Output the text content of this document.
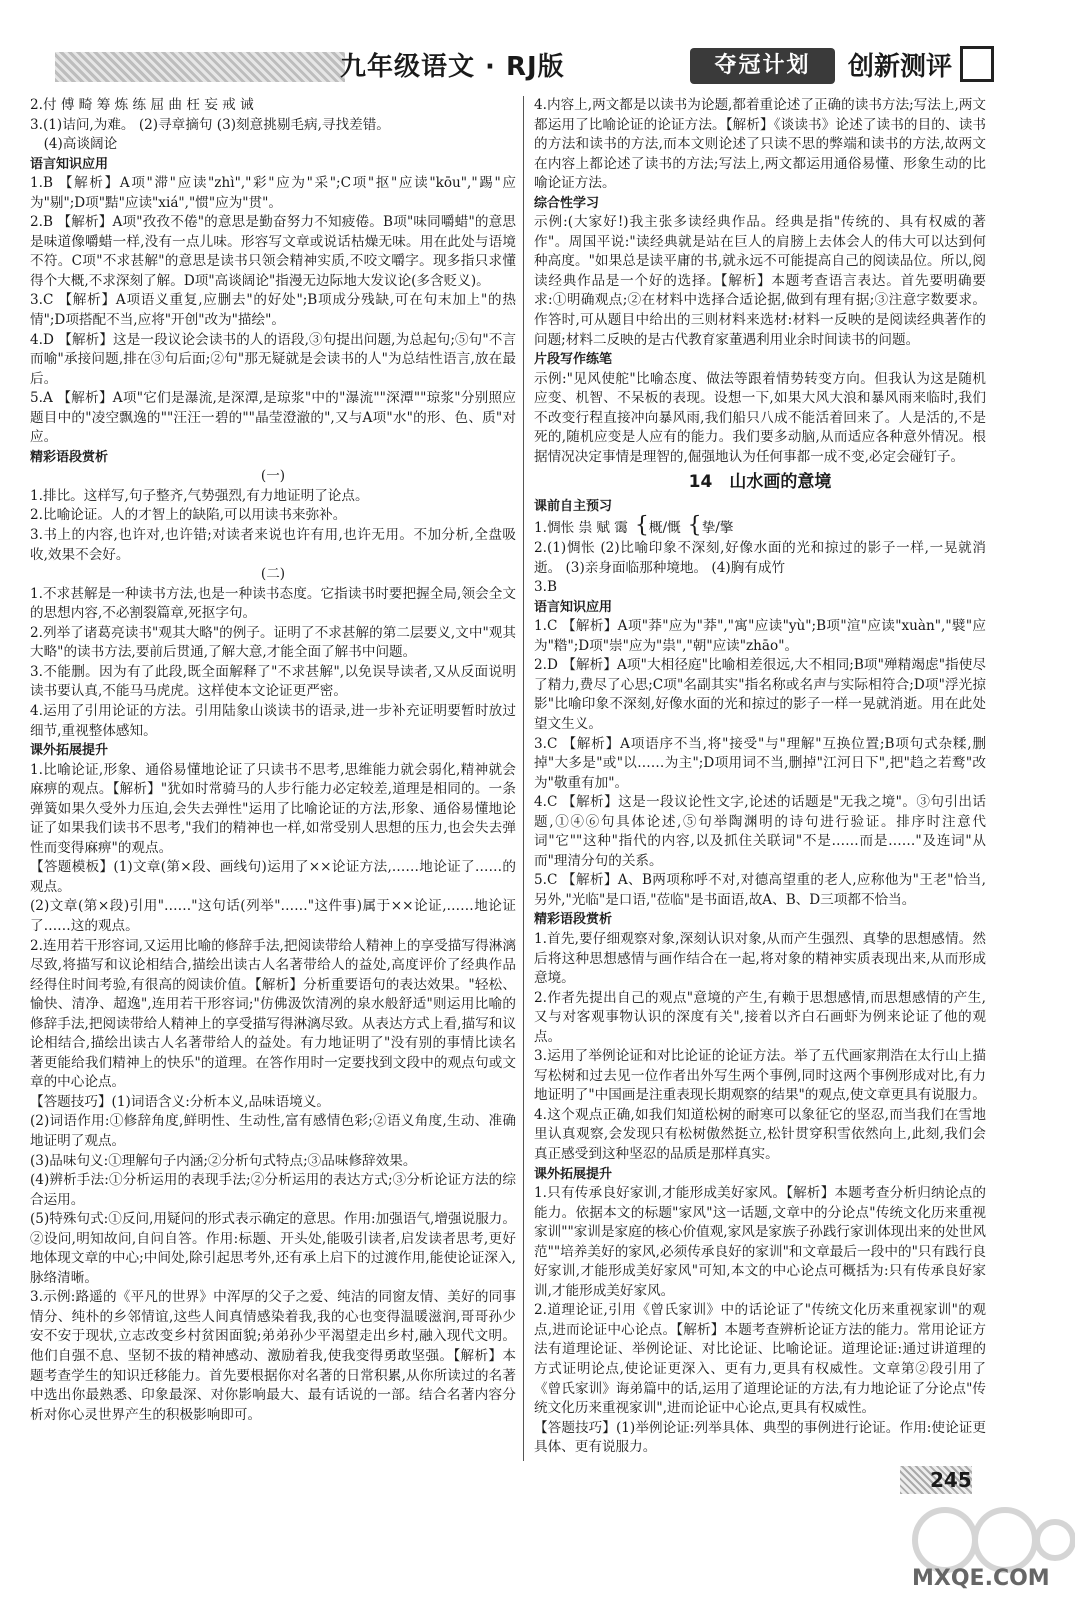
九年级语文 · RJ版	夺冠计划	创新测评

2.付 傅 畸 筹 炼 练 屈 曲 枉 妄 戒 诫

3.(1)诘问,为难。 (2)寻章摘句 (3)刻意挑剔毛病,寻找差错。

　(4)高谈阔论

语言知识应用

1.B 【解析】A项"滞"应读"zhì","彩"应为"采";C项"抠"应读"kōu","踢"应为"剔";D项"黠"应读"xiá","惯"应为"贯"。

2.B 【解析】A项"孜孜不倦"的意思是勤奋努力不知疲倦。B项"味同嚼蜡"的意思是味道像嚼蜡一样,没有一点儿味。形容写文章或说话枯燥无味。用在此处与语境不符。C项"不求甚解"的意思是读书只领会精神实质,不咬文嚼字。现多指只求懂得个大概,不求深刻了解。D项"高谈阔论"指漫无边际地大发议论(多含贬义)。

3.C 【解析】A项语义重复,应删去"的好处";B项成分残缺,可在句末加上"的热情";D项搭配不当,应将"开创"改为"描绘"。

4.D 【解析】这是一段议论会读书的人的语段,③句提出问题,为总起句;⑤句"不言而喻"承接问题,排在③句后面;②句"那无疑就是会读书的人"为总结性语言,放在最后。

5.A 【解析】A项"它们是瀑流,是深潭,是琼浆"中的"瀑流""深潭""琼浆"分别照应题目中的"凌空飘逸的""汪汪一碧的""晶莹澄澈的",又与A项"水"的形、色、质"对应。

精彩语段赏析

(一)

1.排比。这样写,句子整齐,气势强烈,有力地证明了论点。

2.比喻论证。人的才智上的缺陷,可以用读书来弥补。

3.书上的内容,也许对,也许错;对读者来说也许有用,也许无用。不加分析,全盘吸收,效果不会好。

(二)

1.不求甚解是一种读书方法,也是一种读书态度。它指读书时要把握全局,领会全文的思想内容,不必割裂篇章,死抠字句。

2.列举了诸葛亮读书"观其大略"的例子。证明了不求甚解的第二层要义,文中"观其大略"的读书方法,要前后贯通,了解大意,才能全面了解书中问题。

3.不能删。因为有了此段,既全面解释了"不求甚解",以免误导读者,又从反面说明读书要认真,不能马马虎虎。这样使本文论证更严密。

4.运用了引用论证的方法。引用陆象山谈读书的语录,进一步补充证明要暂时放过细节,重视整体感知。

课外拓展提升

1.比喻论证,形象、通俗易懂地论证了只读书不思考,思维能力就会弱化,精神就会麻痹的观点。【解析】"犹如时常骑马的人步行能力必定较差,道理是相同的。一条弹簧如果久受外力压迫,会失去弹性"运用了比喻论证的方法,形象、通俗易懂地论证了如果我们读书不思考,"我们的精神也一样,如常受别人思想的压力,也会失去弹性而变得麻痹"的观点。

【答题模板】(1)文章(第×段、画线句)运用了××论证方法,……地论证了……的观点。

(2)文章(第×段)引用"……"这句话(列举"……"这件事)属于××论证,……地论证了……这的观点。

2.连用若干形容词,又运用比喻的修辞手法,把阅读带给人精神上的享受描写得淋漓尽致,将描写和议论相结合,描绘出读古人名著带给人的益处,高度评价了经典作品经得住时间考验,有很高的阅读价值。【解析】分析重要语句的表达效果。"轻松、愉快、清净、超逸",连用若干形容词;"仿佛汲饮清冽的泉水般舒适"则运用比喻的修辞手法,把阅读带给人精神上的享受描写得淋漓尽致。从表达方式上看,描写和议论相结合,描绘出读古人名著带给人的益处。有力地证明了"没有别的事情比读名著更能给我们精神上的快乐"的道理。在答作用时一定要找到文段中的观点句或文章的中心论点。

【答题技巧】(1)词语含义:分析本义,品味语境义。

(2)词语作用:①修辞角度,鲜明性、生动性,富有感情色彩;②语义角度,生动、准确地证明了观点。

(3)品味句义:①理解句子内涵;②分析句式特点;③品味修辞效果。

(4)辨析手法:①分析运用的表现手法;②分析运用的表达方式;③分析论证方法的综合运用。

(5)特殊句式:①反问,用疑问的形式表示确定的意思。作用:加强语气,增强说服力。②设问,明知故问,自问自答。作用:标题、开头处,能吸引读者,启发读者思考,更好地体现文章的中心;中间处,除引起思考外,还有承上启下的过渡作用,能使论证深入,脉络清晰。

3.示例:路遥的《平凡的世界》中浑厚的父子之爱、纯洁的同窗友情、美好的同事情分、纯朴的乡邻情谊,这些人间真情感染着我,我的心也变得温暖滋润,哥哥孙少安不安于现状,立志改变乡村贫困面貌;弟弟孙少平渴望走出乡村,融入现代文明。他们自强不息、坚韧不拔的精神感动、激励着我,使我变得勇敢坚强。【解析】本题考查学生的知识迁移能力。首先要根据你对名著的日常积累,从你所读过的名著中选出你最熟悉、印象最深、对你影响最大、最有话说的一部。结合名著内容分析对你心灵世界产生的积极影响即可。

4.内容上,两文都是以读书为论题,都着重论述了正确的读书方法;写法上,两文都运用了比喻论证的论证方法。【解析】《谈读书》论述了读书的目的、读书的方法和读书的方法,而本文则论述了只读不思的弊端和读书的方法,故两文在内容上都论述了读书的方法;写法上,两文都运用通俗易懂、形象生动的比喻论证方法。

综合性学习

示例:(大家好!)我主张多读经典作品。经典是指"传统的、具有权威的著作"。周国平说:"读经典就是站在巨人的肩膀上去体会人的伟大可以达到何种高度。"如果总是读平庸的书,就永远不可能提高自己的阅读品位。所以,阅读经典作品是一个好的选择。【解析】本题考查语言表达。首先要明确要求:①明确观点;②在材料中选择合适论据,做到有理有据;③注意字数要求。作答时,可从题目中给出的三则材料来选材:材料一反映的是阅读经典著作的问题;材料二反映的是古代教育家董遇利用业余时间读书的问题。

片段写作练笔

示例:"见风使舵"比喻态度、做法等跟着情势转变方向。但我认为这是随机应变、机智、不呆板的表现。设想一下,如果大风大浪和暴风雨来临时,我们不改变行程直接冲向暴风雨,我们船只八成不能活着回来了。人是活的,不是死的,随机应变是人应有的能力。我们要多动脑,从而适应各种意外情况。根据情况决定事情是理智的,倔强地认为任何事都一成不变,必定会碰钉子。

14　山水画的意境

课前自主预习

1.惆怅 祟 赋 霭 {概/慨 {挚/擎

2.(1)惆怅 (2)比喻印象不深刻,好像水面的光和掠过的影子一样,一晃就消逝。 (3)亲身面临那种境地。 (4)胸有成竹

3.B

语言知识应用

1.C 【解析】A项"莽"应为"莽","寓"应读"yù";B项"渲"应读"xuàn","襞"应为"糌";D项"崇"应为"祟","朝"应读"zhāo"。

2.D 【解析】A项"大相径庭"比喻相差很远,大不相同;B项"殚精竭虑"指使尽了精力,费尽了心思;C项"名副其实"指名称或名声与实际相符合;D项"浮光掠影"比喻印象不深刻,好像水面的光和掠过的影子一样一晃就消逝。用在此处望文生义。

3.C 【解析】A项语序不当,将"接受"与"理解"互换位置;B项句式杂糅,删掉"大多是"或"以……为主";D项用词不当,删掉"江河日下",把"趋之若鹜"改为"敬重有加"。

4.C 【解析】这是一段议论性文字,论述的话题是"无我之境"。③句引出话题,①④⑥句具体论述,⑤句举陶渊明的诗句进行验证。排序时注意代词"它""这种"指代的内容,以及抓住关联词"不是……而是……"及连词"从而"理清分句的关系。

5.C 【解析】A、B两项称呼不对,对德高望重的老人,应称他为"王老"恰当,另外,"光临"是口语,"莅临"是书面语,故A、B、D三项都不恰当。

精彩语段赏析

1.首先,要仔细观察对象,深刻认识对象,从而产生强烈、真挚的思想感情。然后将这种思想感情与画作结合在一起,将对象的精神实质表现出来,从而形成意境。

2.作者先提出自己的观点"意境的产生,有赖于思想感情,而思想感情的产生,又与对客观事物认识的深度有关",接着以齐白石画虾为例来论证了他的观点。

3.运用了举例论证和对比论证的论证方法。举了五代画家荆浩在太行山上描写松树和过去见一位作者出外写生两个事例,同时这两个事例形成对比,有力地证明了"中国画是注重表现长期观察的结果"的观点,使文章更具有说服力。

4.这个观点正确,如我们知道松树的耐寒可以象征它的坚忍,而当我们在雪地里认真观察,会发现只有松树傲然挺立,松针贯穿积雪依然向上,此刻,我们会真正感受到这种坚忍的品质是那样真实。

课外拓展提升

1.只有传承良好家训,才能形成美好家风。【解析】本题考查分析归纳论点的能力。依据本文的标题"家风"这一话题,文章中的分论点"传统文化历来重视家训""家训是家庭的核心价值观,家风是家族子孙践行家训体现出来的处世风范""培养美好的家风,必须传承良好的家训"和文章最后一段中的"只有践行良好家训,才能形成美好家风"可知,本文的中心论点可概括为:只有传承良好家训,才能形成美好家风。

2.道理论证,引用《曾氏家训》中的话论证了"传统文化历来重视家训"的观点,进而论证中心论点。【解析】本题考查辨析论证方法的能力。常用论证方法有道理论证、举例论证、对比论证、比喻论证。道理论证:通过讲道理的方式证明论点,使论证更深入、更有力,更具有权威性。文章第②段引用了《曾氏家训》诲弟篇中的话,运用了道理论证的方法,有力地论证了分论点"传统文化历来重视家训",进而论证中心论点,更具有权威性。

【答题技巧】(1)举例论证:列举具体、典型的事例进行论证。作用:使论证更具体、更有说服力。

245
MXQE.COM
